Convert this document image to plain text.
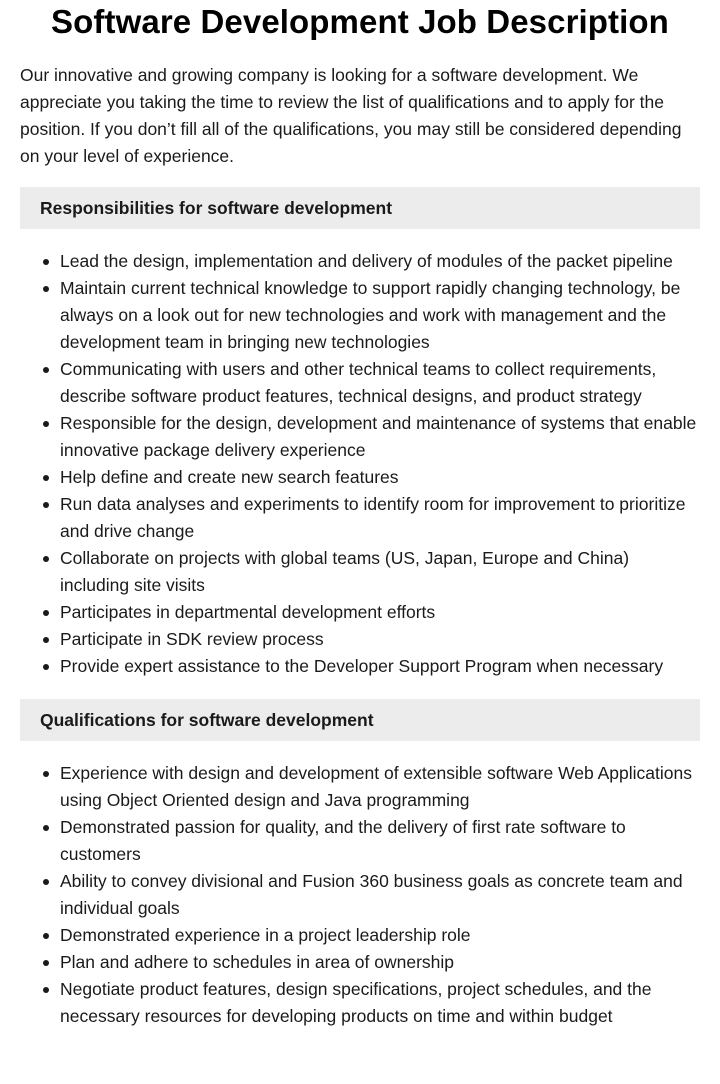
Software Development Job Description

Our innovative and growing company is looking for a software development. We appreciate you taking the time to review the list of qualifications and to apply for the position. If you don’t fill all of the qualifications, you may still be considered depending on your level of experience.

Responsibilities for software development
Lead the design, implementation and delivery of modules of the packet pipeline
Maintain current technical knowledge to support rapidly changing technology, be always on a look out for new technologies and work with management and the development team in bringing new technologies
Communicating with users and other technical teams to collect requirements, describe software product features, technical designs, and product strategy
Responsible for the design, development and maintenance of systems that enable innovative package delivery experience
Help define and create new search features
Run data analyses and experiments to identify room for improvement to prioritize and drive change
Collaborate on projects with global teams (US, Japan, Europe and China) including site visits
Participates in departmental development efforts
Participate in SDK review process
Provide expert assistance to the Developer Support Program when necessary
Qualifications for software development
Experience with design and development of extensible software Web Applications using Object Oriented design and Java programming
Demonstrated passion for quality, and the delivery of first rate software to customers
Ability to convey divisional and Fusion 360 business goals as concrete team and individual goals
Demonstrated experience in a project leadership role
Plan and adhere to schedules in area of ownership
Negotiate product features, design specifications, project schedules, and the necessary resources for developing products on time and within budget
